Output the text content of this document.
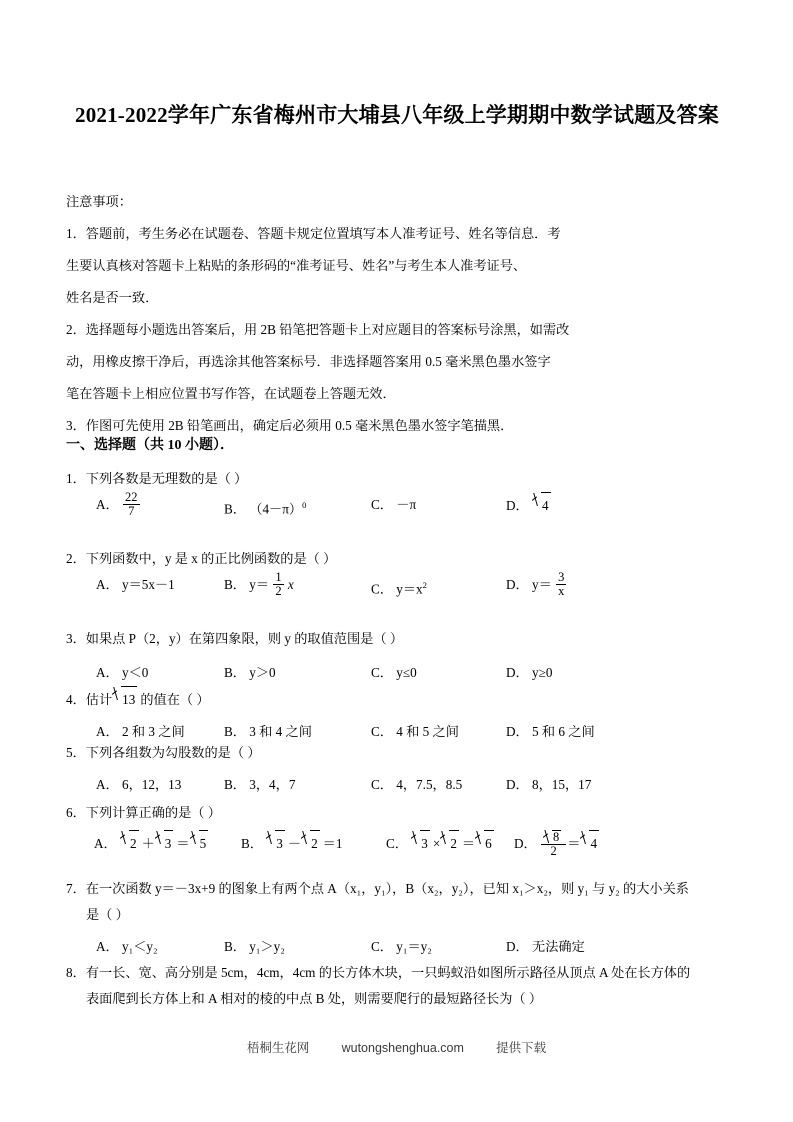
2021-2022学年广东省梅州市大埔县八年级上学期期中数学试题及答案
注意事项：
1．答题前，考生务必在试题卷、答题卡规定位置填写本人准考证号、姓名等信息．考
生要认真核对答题卡上粘贴的条形码的“准考证号、姓名”与考生本人准考证号、
姓名是否一致．
2．选择题每小题选出答案后，用 2B 铅笔把答题卡上对应题目的答案标号涂黑，如需改
动，用橡皮擦干净后，再选涂其他答案标号．非选择题答案用 0.5 毫米黑色墨水签字
笔在答题卡上相应位置书写作答，在试题卷上答题无效．
3．作图可先使用 2B 铅笔画出，确定后必须用 0.5 毫米黑色墨水签字笔描黑．
一、选择题（共 10 小题）．
1．下列各数是无理数的是（ ）
A． $\frac{22}{7}$	B． $(4-\pi)^0$	C． －π	D． 4
2．下列函数中，y 是 x 的正比例函数的是（ ）
A． y＝5x－1	B． $y= \frac{1}{2}$ x	C． $y=x^2$	D． $y= \frac{3}{x}$
3．如果点 P（2，y）在第四象限，则 y 的取值范围是（ ）
A． y＜0	B． y＞0	C． y≤0	D． y≥0
4．估计 13 的值在（ ）
A． 2 和 3 之间	B． 3 和 4 之间	C． 4 和 5 之间	D． 5 和 6 之间
5．下列各组数为勾股数的是（ ）
A． 6，12，13	B． 3，4，7	C． 4，7.5，8.5	D． 8，15，17
6．下列计算正确的是（ ）
A． 2 ＋ 3 ＝ 5	B． 3 － 2 ＝1	C． 3 × 2 ＝ 6	D． $\frac{8}{2} = 4$
7．在一次函数 y＝－3x+9 的图象上有两个点 A（x₁，y₁），B（x₂，y₂），已知 x₁＞x₂，则 y₁ 与 y₂ 的大小关系
是（ ）
A． y₁＜y₂	B． y₁＞y₂	C． y₁＝y₂	D． 无法确定
8．有一长、宽、高分别是 5cm，4cm，4cm 的长方体木块，一只蚂蚁沿如图所示路径从顶点 A 处在长方体的
表面爬到长方体上和 A 相对的棱的中点 B 处，则需要爬行的最短路径长为（ ）
梧桐生花网	wutongshenghua.com	提供下载
